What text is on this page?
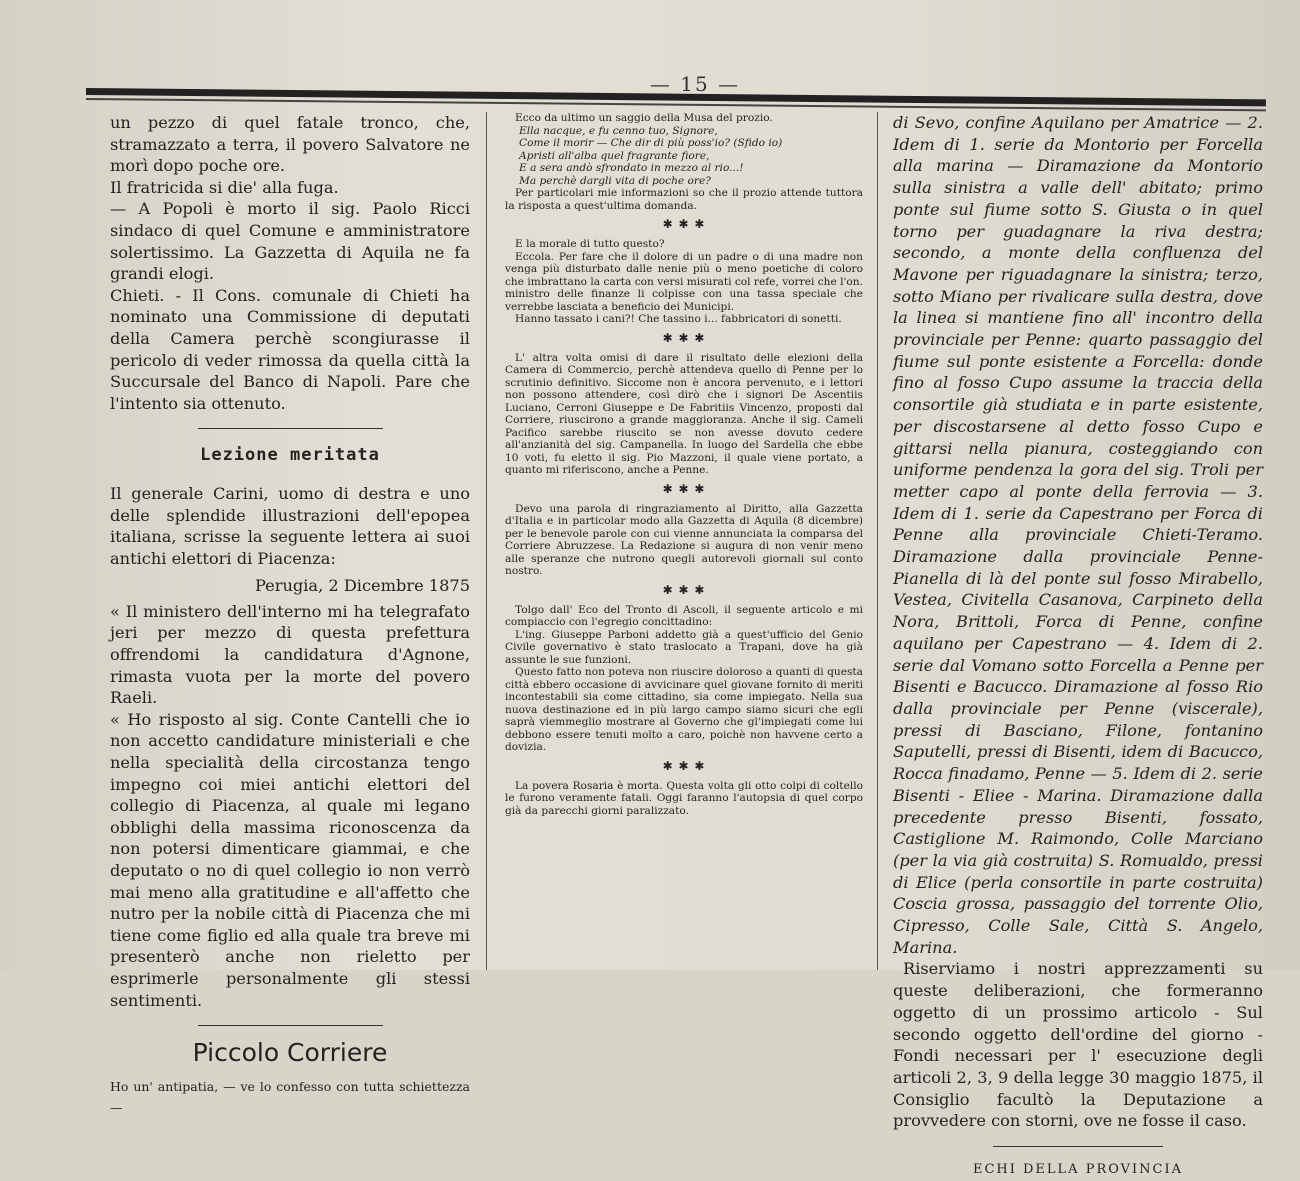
— 15 —

un pezzo di quel fatale tronco, che, stramazzato a terra, il povero Salvatore ne morì dopo poche ore.

Il fratricida si die' alla fuga.

— A Popoli è morto il sig. Paolo Ricci sindaco di quel Comune e amministratore solertissimo. La Gazzetta di Aquila ne fa grandi elogi.

Chieti. - Il Cons. comunale di Chieti ha nominato una Commissione di deputati della Camera perchè scongiurasse il pericolo di veder rimossa da quella città la Succursale del Banco di Napoli. Pare che l'intento sia ottenuto.

Lezione meritata

Il generale Carini, uomo di destra e uno delle splendide illustrazioni dell'epopea italiana, scrisse la seguente lettera ai suoi antichi elettori di Piacenza:

Perugia, 2 Dicembre 1875

« Il ministero dell'interno mi ha telegrafato jeri per mezzo di questa prefettura offrendomi la candidatura d'Agnone, rimasta vuota per la morte del povero Raeli.

« Ho risposto al sig. Conte Cantelli che io non accetto candidature ministeriali e che nella specialità della circostanza tengo impegno coi miei antichi elettori del collegio di Piacenza, al quale mi legano obblighi della massima riconoscenza da non potersi dimenticare giammai, e che deputato o no di quel collegio io non verrò mai meno alla gratitudine e all'affetto che nutro per la nobile città di Piacenza che mi tiene come figlio ed alla quale tra breve mi presenterò anche non rieletto per esprimerle personalmente gli stessi sentimenti.

Piccolo Corriere

Ho un' antipatia, — ve lo confesso con tutta schiettezza —

Ecco da ultimo un saggio della Musa del prozio.

Ella nacque, e fu cenno tuo, Signore,

Come il morir — Che dir di più poss'io? (Sfido io)

Apristi all'alba quel fragrante fiore,

E a sera andò sfrondato in mezzo al rio...!

Ma perchè dargli vita di poche ore?

Per particolari mie informazioni so che il prozio attende tuttora la risposta a quest'ultima domanda.

✱ ✱ ✱

E la morale di tutto questo?

Eccola. Per fare che il dolore di un padre o di una madre non venga più disturbato dalle nenie più o meno poetiche di coloro che imbrattano la carta con versi misurati col refe, vorrei che l'on. ministro delle finanze li colpisse con una tassa speciale che verrebbe lasciata a beneficio dei Municipi.

Hanno tassato i cani?! Che tassino i... fabbricatori di sonetti.

✱ ✱ ✱

L' altra volta omisi di dare il risultato delle elezioni della Camera di Commercio, perchè attendeva quello di Penne per lo scrutinio definitivo. Siccome non è ancora pervenuto, e i lettori non possono attendere, così dirò che i signori De Ascentiis Luciano, Cerroni Giuseppe e De Fabritiis Vincenzo, proposti dal Corriere, riuscirono a grande maggioranza. Anche il sig. Cameli Pacifico sarebbe riuscito se non avesse dovuto cedere all'anzianità del sig. Campanella. In luogo del Sardella che ebbe 10 voti, fu eletto il sig. Pio Mazzoni, il quale viene portato, a quanto mi riferiscono, anche a Penne.

✱ ✱ ✱

Devo una parola di ringraziamento al Diritto, alla Gazzetta d'Italia e in particolar modo alla Gazzetta di Aquila (8 dicembre) per le benevole parole con cui vienne annunciata la comparsa del Corriere Abruzzese. La Redazione si augura di non venir meno alle speranze che nutrono quegli autorevoli giornali sul conto nostro.

✱ ✱ ✱

Tolgo dall' Eco del Tronto di Ascoli, il seguente articolo e mi compiaccio con l'egregio concittadino:

L'ing. Giuseppe Parboni addetto già a quest'ufficio del Genio Civile governativo è stato traslocato a Trapani, dove ha già assunte le sue funzioni.

Questo fatto non poteva non riuscire doloroso a quanti di questa città ebbero occasione di avvicinare quel giovane fornito di meriti incontestabili sia come cittadino, sia come impiegato. Nella sua nuova destinazione ed in più largo campo siamo sicuri che egli saprà viemmeglio mostrare al Governo che gl'impiegati come lui debbono essere tenuti molto a caro, poichè non havvene certo a dovizia.

✱ ✱ ✱

La povera Rosaria è morta. Questa volta gli otto colpi di coltello le furono veramente fatali. Oggi faranno l'autopsia di quel corpo già da parecchi giorni paralizzato.

di Sevo, confine Aquilano per Amatrice — 2. Idem di 1. serie da Montorio per Forcella alla marina — Diramazione da Montorio sulla sinistra a valle dell' abitato; primo ponte sul fiume sotto S. Giusta o in quel torno per guadagnare la riva destra; secondo, a monte della confluenza del Mavone per riguadagnare la sinistra; terzo, sotto Miano per rivalicare sulla destra, dove la linea si mantiene fino all' incontro della provinciale per Penne: quarto passaggio del fiume sul ponte esistente a Forcella: donde fino al fosso Cupo assume la traccia della consortile già studiata e in parte esistente, per discostarsene al detto fosso Cupo e gittarsi nella pianura, costeggiando con uniforme pendenza la gora del sig. Troli per metter capo al ponte della ferrovia — 3. Idem di 1. serie da Capestrano per Forca di Penne alla provinciale Chieti-Teramo. Diramazione dalla provinciale Penne-Pianella di là del ponte sul fosso Mirabello, Vestea, Civitella Casanova, Carpineto della Nora, Brittoli, Forca di Penne, confine aquilano per Capestrano — 4. Idem di 2. serie dal Vomano sotto Forcella a Penne per Bisenti e Bacucco. Diramazione al fosso Rio dalla provinciale per Penne (viscerale), pressi di Basciano, Filone, fontanino Saputelli, pressi di Bisenti, idem di Bacucco, Rocca finadamo, Penne — 5. Idem di 2. serie Bisenti - Eliee - Marina. Diramazione dalla precedente presso Bisenti, fossato, Castiglione M. Raimondo, Colle Marciano (per la via già costruita) S. Romualdo, pressi di Elice (perla consortile in parte costruita) Coscia grossa, passaggio del torrente Olio, Cipresso, Colle Sale, Città S. Angelo, Marina.

Riserviamo i nostri apprezzamenti su queste deliberazioni, che formeranno oggetto di un prossimo articolo - Sul secondo oggetto dell'ordine del giorno - Fondi necessari per l' esecuzione degli articoli 2, 3, 9 della legge 30 maggio 1875, il Consiglio facultò la Deputazione a provvedere con storni, ove ne fosse il caso.

ECHI DELLA PROVINCIA
